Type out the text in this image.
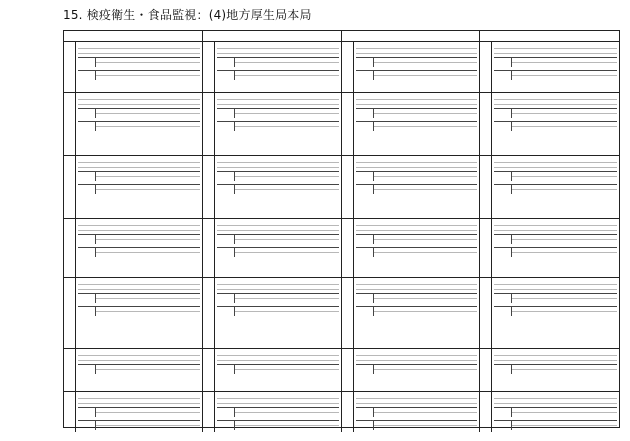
15. 検疫衛生・食品監視：(4)地方厚生局本局
